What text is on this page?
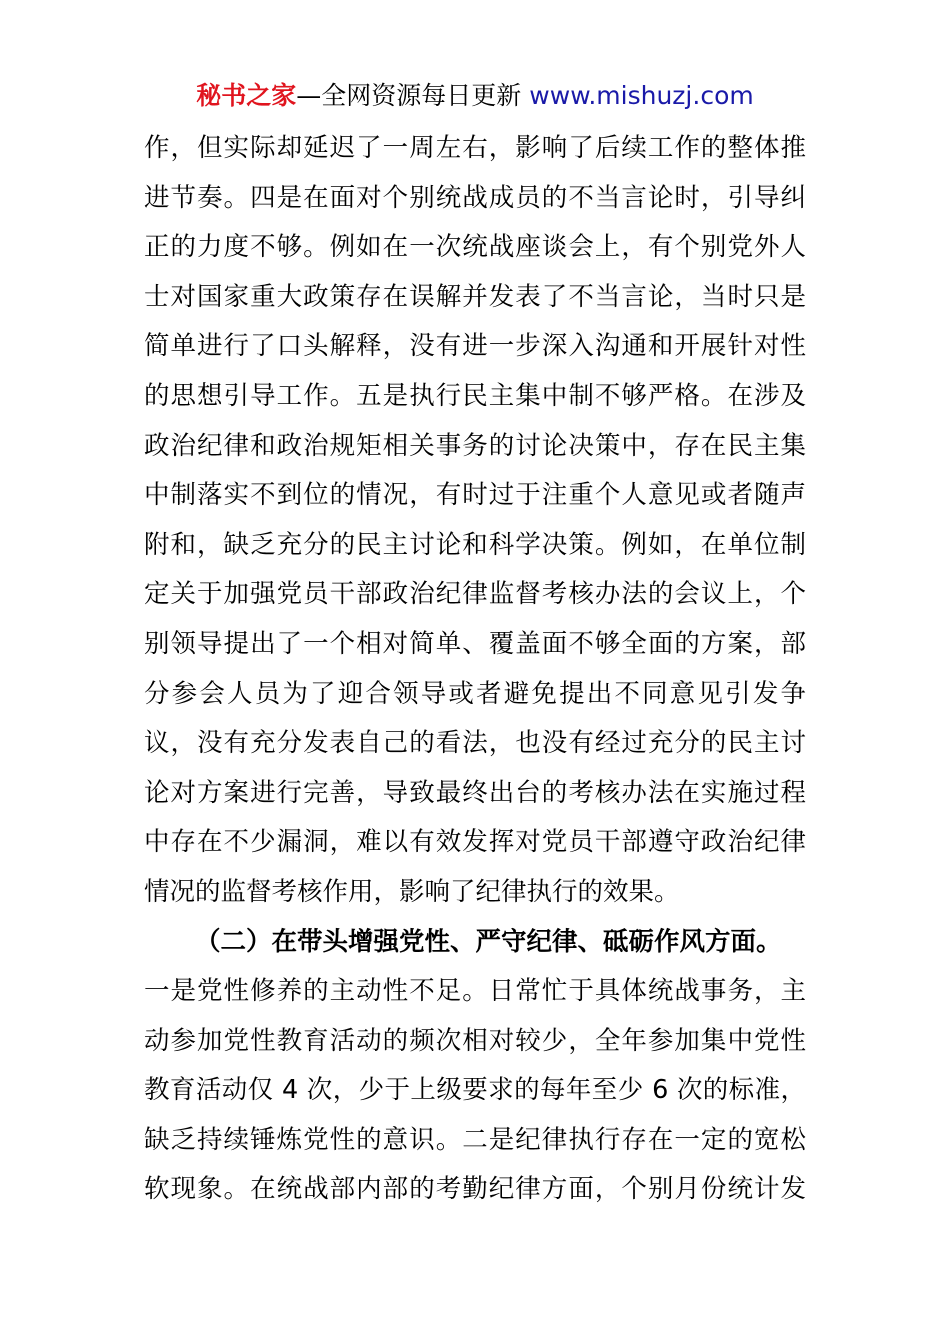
秘书之家—全网资源每日更新 www.mishuzj.com
作，但实际却延迟了一周左右，影响了后续工作的整体推
进节奏。四是在面对个别统战成员的不当言论时，引导纠
正的力度不够。例如在一次统战座谈会上，有个别党外人
士对国家重大政策存在误解并发表了不当言论，当时只是
简单进行了口头解释，没有进一步深入沟通和开展针对性
的思想引导工作。五是执行民主集中制不够严格。在涉及
政治纪律和政治规矩相关事务的讨论决策中，存在民主集
中制落实不到位的情况，有时过于注重个人意见或者随声
附和，缺乏充分的民主讨论和科学决策。例如，在单位制
定关于加强党员干部政治纪律监督考核办法的会议上，个
别领导提出了一个相对简单、覆盖面不够全面的方案，部
分参会人员为了迎合领导或者避免提出不同意见引发争
议，没有充分发表自己的看法，也没有经过充分的民主讨
论对方案进行完善，导致最终出台的考核办法在实施过程
中存在不少漏洞，难以有效发挥对党员干部遵守政治纪律
情况的监督考核作用，影响了纪律执行的效果。
（二）在带头增强党性、严守纪律、砥砺作风方面。
一是党性修养的主动性不足。日常忙于具体统战事务，主
动参加党性教育活动的频次相对较少，全年参加集中党性
教育活动仅 4 次，少于上级要求的每年至少 6 次的标准，
缺乏持续锤炼党性的意识。二是纪律执行存在一定的宽松
软现象。在统战部内部的考勤纪律方面，个别月份统计发
